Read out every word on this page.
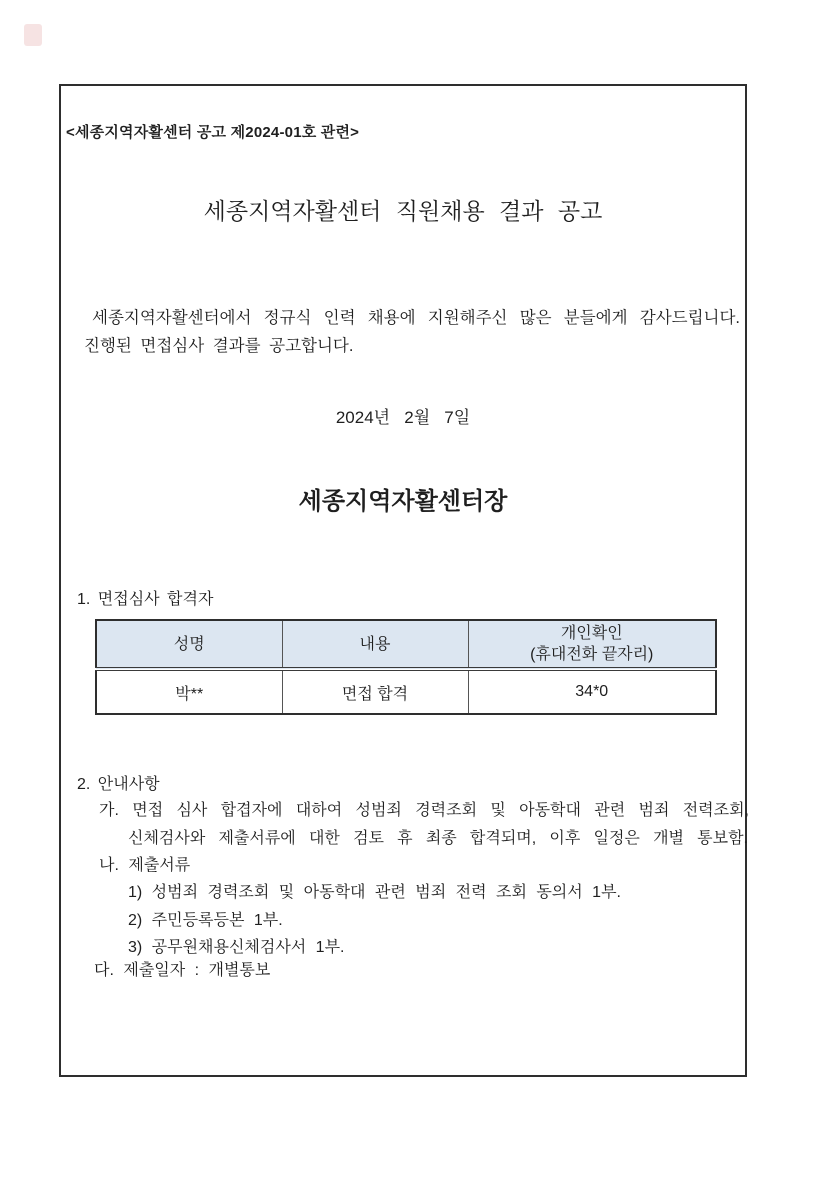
<세종지역자활센터 공고 제2024-01호 관련>
세종지역자활센터 직원채용 결과 공고
세종지역자활센터에서 정규식 인력 채용에 지원해주신 많은 분들에게 감사드립니다.
진행된 면접심사 결과를 공고합니다.
2024년   2월   7일
세종지역자활센터장
1. 면접심사 합격자
성명	내용	개인확인
(휴대전화 끝자리)

박**	면접 합격	34*0
2. 안내사항
가. 면접 심사 합겹자에 대하여 성범죄 경력조회 및 아동학대 관련 범죄 전력조회,
신체검사와 제출서류에 대한 검토 휴 최종 합격되며, 이후 일정은 개별 통보함.
나. 제출서류
1) 성범죄 경력조회 및 아동학대 관련 범죄 전력 조회 동의서 1부.
2) 주민등록등본 1부.
3) 공무원채용신체검사서 1부.
다. 제출일자 : 개별통보
